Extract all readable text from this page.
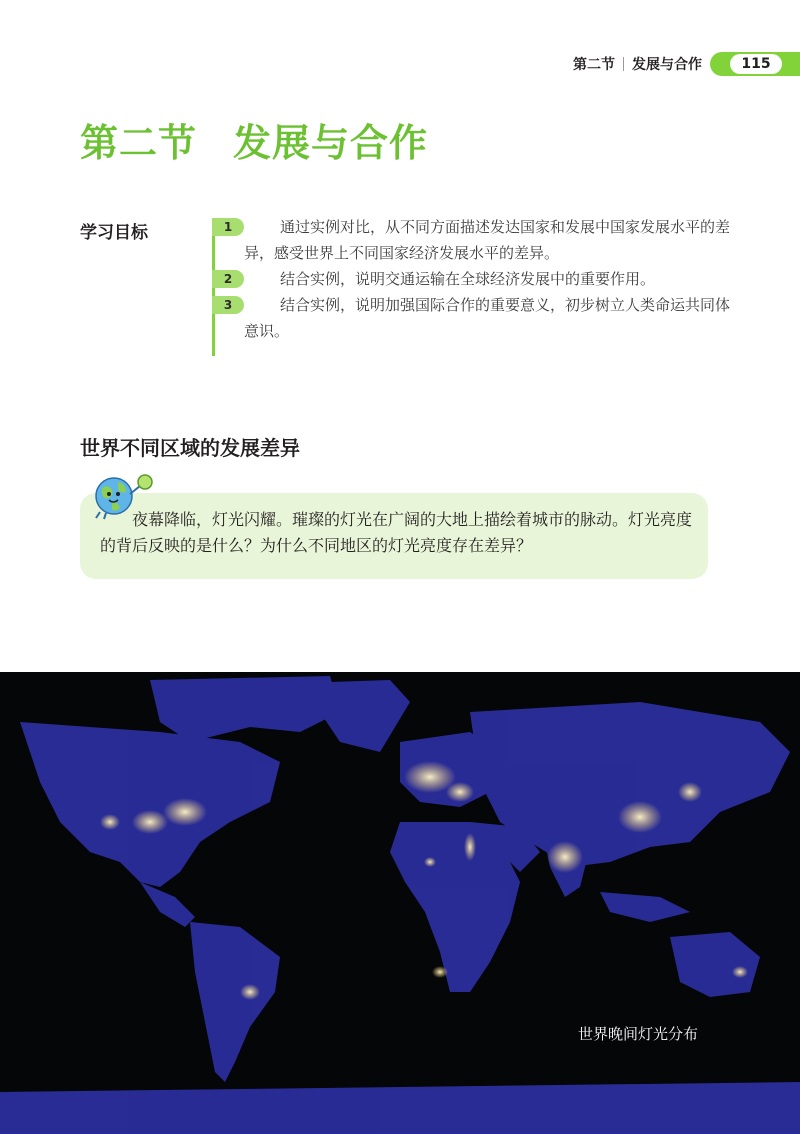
第二节 发展与合作	115
第二节 发展与合作
学习目标	1	通过实例对比，从不同方面描述发达国家和发展中国家发展水平的差异，感受世界上不同国家经济发展水平的差异。
2	结合实例，说明交通运输在全球经济发展中的重要作用。
3	结合实例，说明加强国际合作的重要意义，初步树立人类命运共同体意识。
世界不同区域的发展差异

夜幕降临，灯光闪耀。璀璨的灯光在广阔的大地上描绘着城市的脉动。灯光亮度的背后反映的是什么？为什么不同地区的灯光亮度存在差异？

世界晚间灯光分布
